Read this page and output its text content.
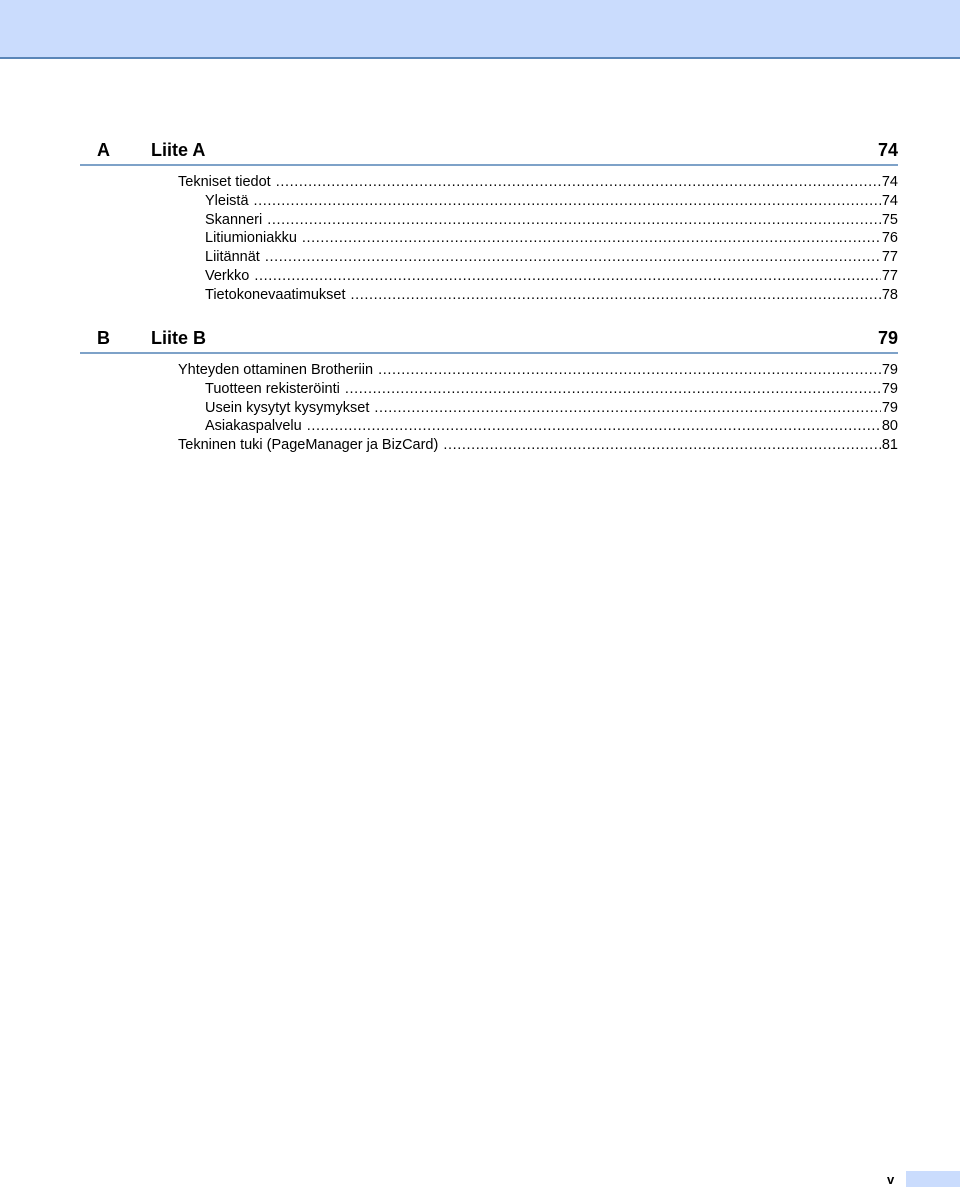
A Liite A	74
Tekniset tiedot .....	74
Yleistä .....	74
Skanneri .....	75
Litiumioniakku .....	76
Liitännät .....	77
Verkko .....	77
Tietokonevaatimukset .....	78
B Liite B	79
Yhteyden ottaminen Brotheriin .....	79
Tuotteen rekisteröinti .....	79
Usein kysytyt kysymykset .....	79
Asiakaspalvelu .....	80
Tekninen tuki (PageManager ja BizCard) .....	81
v
